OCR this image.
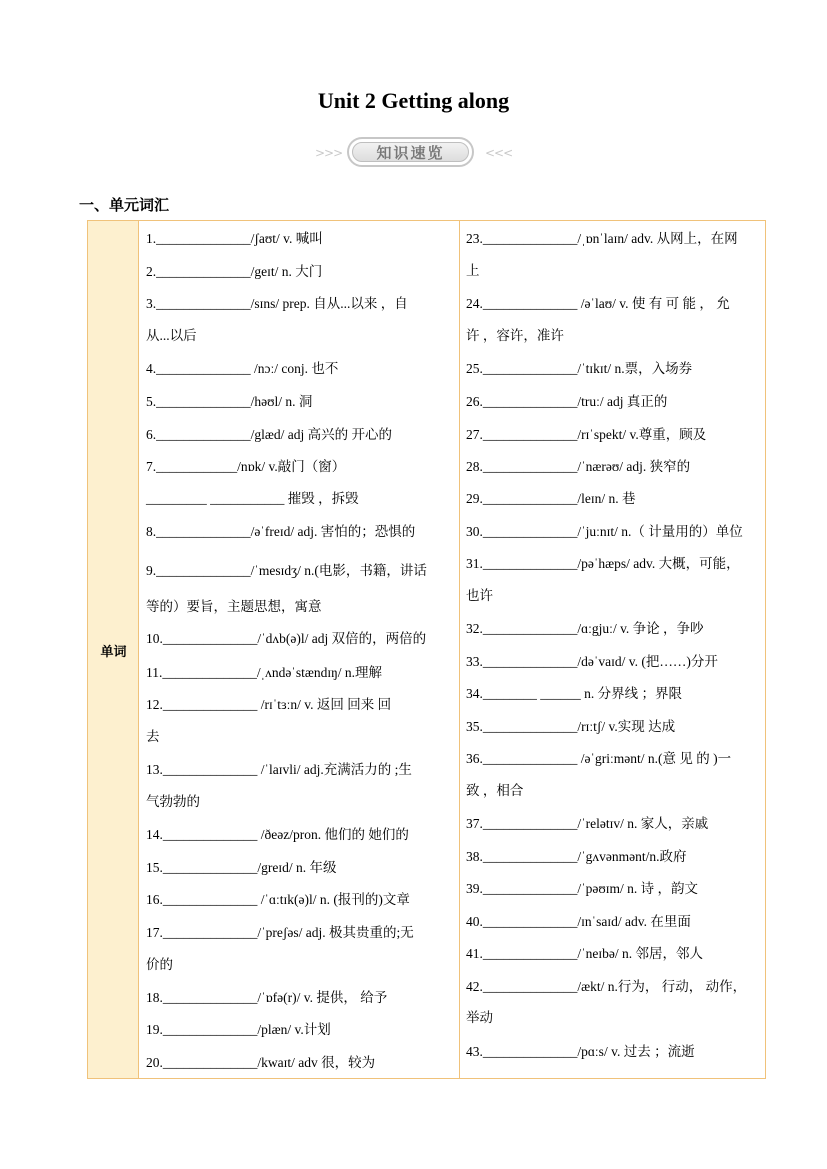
Unit 2 Getting along
>>>	知识速览	<<<
一、单元词汇
单词
1.______________/ʃaʊt/ v. 喊叫
2.______________/geɪt/ n. 大门
3.______________/sɪns/ prep. 自从...以来 ，自
从...以后
4.______________ /nɔː/ conj. 也不
5.______________/həʊl/ n. 洞
6.______________/glæd/ adj 高兴的 开心的
7.____________/nɒk/ v.敲门（窗）
_________ ___________ 摧毁 ，拆毁
8.______________/əˈfreɪd/ adj. 害怕的；恐惧的
9.______________/ˈmesɪdʒ/ n.(电影，书籍，讲话
等的）要旨，主题思想，寓意
10.______________/ˈdʌb(ə)l/ adj 双倍的，两倍的
11.______________/ˌʌndəˈstændɪŋ/ n.理解
12.______________ /rɪˈtɜːn/ v. 返回 回来 回
去
13.______________ /ˈlaɪvli/ adj.充满活力的 ;生
气勃勃的
14.______________ /ðeəz/pron. 他们的 她们的
15.______________/greɪd/ n. 年级
16.______________ /ˈɑːtɪk(ə)l/ n. (报刊的)文章
17.______________/ˈpreʃəs/ adj. 极其贵重的;无
价的
18.______________/ˈɒfə(r)/ v. 提供， 给予
19.______________/plæn/ v.计划
20.______________/kwaɪt/ adv 很，较为
23.______________/ˌɒnˈlaɪn/ adv. 从网上，在网
上
24.______________ /əˈlaʊ/ v. 使 有 可 能 ， 允
许 ，容许，准许
25.______________/ˈtɪkɪt/ n.票，入场券
26.______________/truː/ adj 真正的
27.______________/rɪˈspekt/ v.尊重，顾及
28.______________/ˈnærəʊ/ adj. 狭窄的
29.______________/leɪn/ n. 巷
30.______________/ˈjuːnɪt/ n.（ 计量用的）单位
31.______________/pəˈhæps/ adv. 大概，可能，
也许
32.______________/ɑːgjuː/ v. 争论 ，争吵
33.______________/dəˈvaɪd/ v. (把……)分开
34.________ ______ n. 分界线 ；界限
35.______________/rɪːtʃ/ v.实现 达成
36.______________ /əˈgriːmənt/ n.(意 见 的 )一
致 ，相合
37.______________/ˈrelətɪv/ n. 家人，亲戚
38.______________/ˈgʌvənmənt/n.政府
39.______________/ˈpəʊɪm/ n. 诗 ，韵文
40.______________/ɪnˈsaɪd/ adv. 在里面
41.______________/ˈneɪbə/ n. 邻居，邻人
42.______________/ækt/ n.行为， 行动， 动作，
举动
43.______________/pɑːs/ v. 过去 ；流逝
